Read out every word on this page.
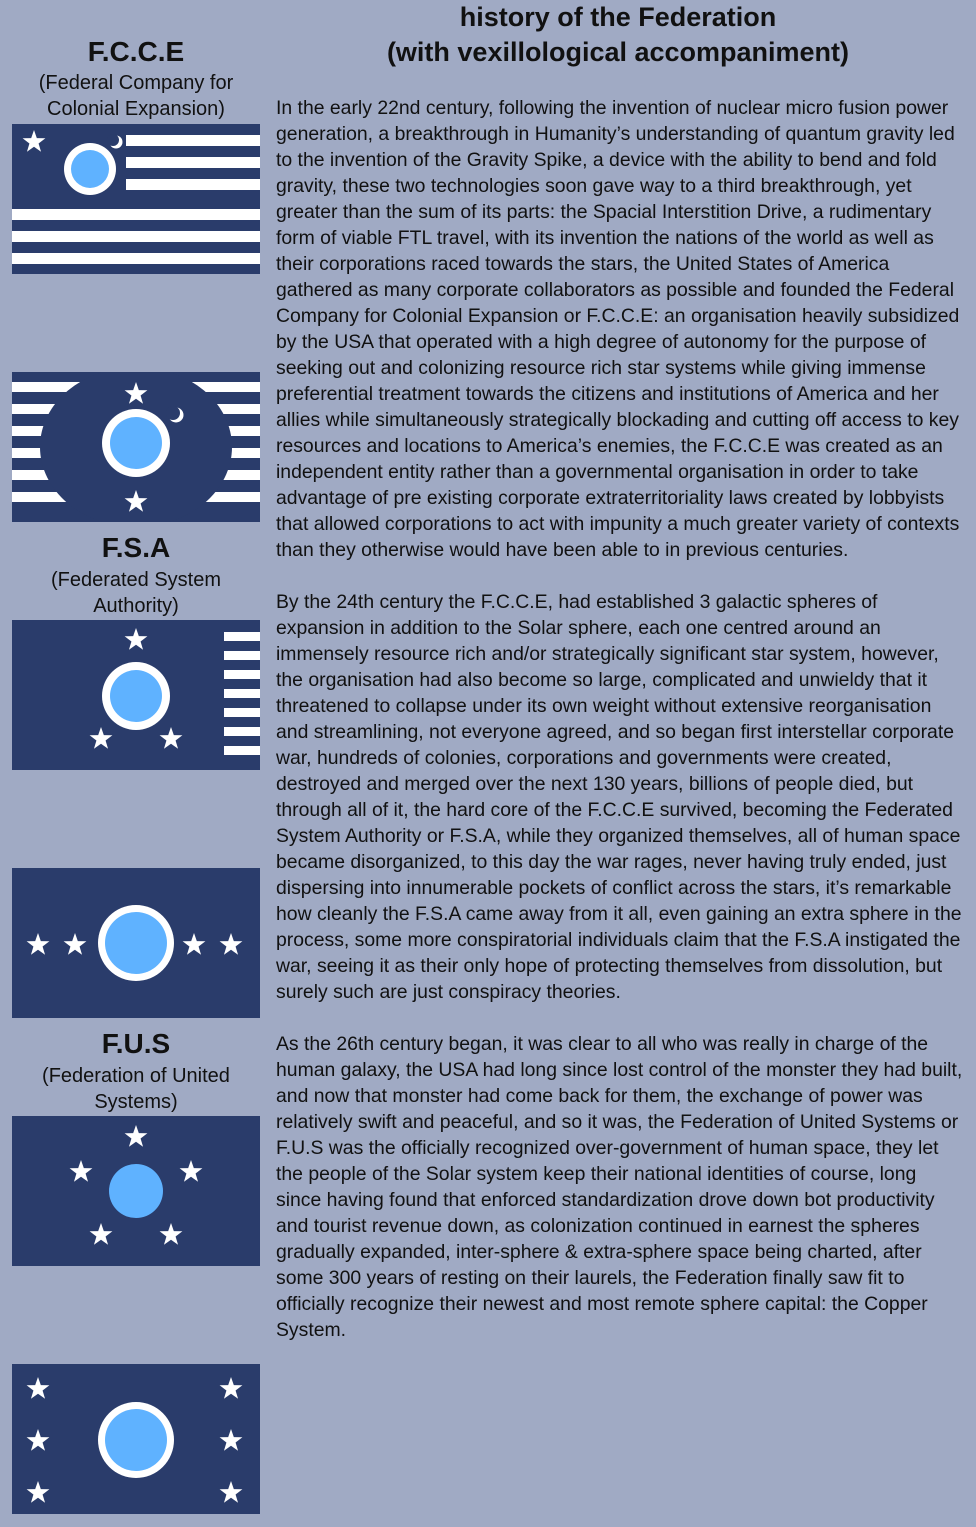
history of the Federation
(with vexillological accompaniment)
F.C.C.E
(Federal Company for
Colonial Expansion)
F.S.A
(Federated System
Authority)
F.U.S
(Federation of United
Systems)

In the early 22nd century, following the invention of nuclear micro fusion power generation, a breakthrough in Humanity’s understanding of quantum gravity led to the invention of the Gravity Spike, a device with the ability to bend and fold gravity, these two technologies soon gave way to a third breakthrough, yet greater than the sum of its parts: the Spacial Interstition Drive, a rudimentary form of viable FTL travel, with its invention the nations of the world as well as their corporations raced towards the stars, the United States of America gathered as many corporate collaborators as possible and founded the Federal Company for Colonial Expansion or F.C.C.E: an organisation heavily subsidized by the USA that operated with a high degree of autonomy for the purpose of seeking out and colonizing resource rich star systems while giving immense preferential treatment towards the citizens and institutions of America and her allies while simultaneously strategically blockading and cutting off access to key resources and locations to America’s enemies, the F.C.C.E was created as an independent entity rather than a governmental organisation in order to take advantage of pre existing corporate extraterritoriality laws created by lobbyists that allowed corporations to act with impunity a much greater variety of contexts than they otherwise would have been able to in previous centuries.

By the 24th century the F.C.C.E, had established 3 galactic spheres of expansion in addition to the Solar sphere, each one centred around an immensely resource rich and/or strategically significant star system, however, the organisation had also become so large, complicated and unwieldy that it threatened to collapse under its own weight without extensive reorganisation and streamlining, not everyone agreed, and so began first interstellar corporate war, hundreds of colonies, corporations and governments were created, destroyed and merged over the next 130 years, billions of people died, but through all of it, the hard core of the F.C.C.E survived, becoming the Federated System Authority or F.S.A, while they organized themselves, all of human space became disorganized, to this day the war rages, never having truly ended, just dispersing into innumerable pockets of conflict across the stars, it’s remarkable how cleanly the F.S.A came away from it all, even gaining an extra sphere in the process, some more conspiratorial individuals claim that the F.S.A instigated the war, seeing it as their only hope of protecting themselves from dissolution, but surely such are just conspiracy theories.

As the 26th century began, it was clear to all who was really in charge of the human galaxy, the USA had long since lost control of the monster they had built, and now that monster had come back for them, the exchange of power was relatively swift and peaceful, and so it was, the Federation of United Systems or F.U.S was the officially recognized over-government of human space, they let the people of the Solar system keep their national identities of course, long since having found that enforced standardization drove down bot productivity and tourist revenue down, as colonization continued in earnest the spheres gradually expanded, inter-sphere & extra-sphere space being charted, after some 300 years of resting on their laurels, the Federation finally saw fit to officially recognize their newest and most remote sphere capital: the Copper System.
